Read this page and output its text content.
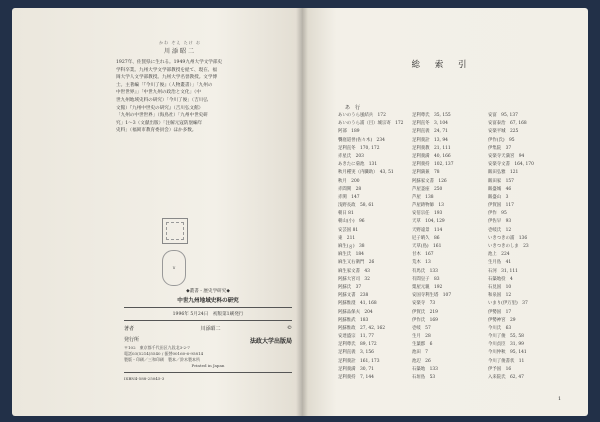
かわ ぞえ たけ お
川添昭二

1927年、佐賀県に生れる。1949九州大学文学部史

学科卒業。九州大学文学部教授を経て、現在、福

岡大学人文学部教授。九州大学名誉教授。文学博

士。主著編「『今川了俊』（人物叢書）」「九州の

中世世界』」「中世九州の政治と文化」（中

世九州地域史料の研究）「今川了俊」（吉川弘

文館）『九州中世史の研究』（吉川弘文館）

「九州の中世世界」（海鳥社）「九州中世史研

究」1〜3（文献出版）「注解元寇防塁編年

史料」（福岡市教育委員会）ほか多数。

¥
◆叢書・歴史学研究◆
中世九州地域史料の研究
1996年 5月24日　初版第1刷発行
著者	川添昭二	©
発行所	法政大学出版局
〒102　東京都千代田区九段北3-2-7
電話03(5214)5540 / 振替00160-6-95814
製版・印刷／三和印刷　製本／鈴木製本所
Printed in Japan
ISBN4-588-25045-3
総 索 引
あ　行
あいのうら風結兵　172
あいのうら浦（目）城宗寄　172
阿部　189
饗庭道誉(佐々木)　234
足利直冬　170, 172
赤星氏　203
あきたに菊池　131
秋月種実（内臓助）　43, 51
秋月　200
赤間関　28
赤関　147
浅野長政　58, 61
朝日 81
朝山(小)　96
安芸国 81
東　211
麻生(ｇ)　38
麻生氏　184
麻生又右衛門　26
麻生家文書　43
阿蘇大宮司　32
阿蘇氏　37
阿蘇文書　238
阿蘇惟澄　41, 168
阿蘇品保夫　204
阿蘇惟武　183
阿蘇惟政　27, 42, 162
安達盛宗　11, 77
足利尊氏　89, 172
足利直義　3, 156
足利義詮　161, 173
足利義満　30, 71
足利義持　7, 144
足利尊氏　35, 155
足利直冬　3, 104
足利直義　24, 71
足利義詮　13, 94
足利義教　21, 111
足利義満　40, 166
足利義持　102, 137
足利満兼　78
阿蘇家文書　126
芦屋釜座　250
芦屋　138
芦屋鋳物師　13
安倍宗任　193
天草　104, 129
天野遠景　114
尼子晴久　86
天草(島)　161
甘木　167
荒木　13
有馬氏　133
有間皇子　83
粟屋元親　192
安国寺利生塔　107
安楽寺　73
伊賀氏　219
伊作氏　169
壱岐　57
生月　28
生葉郡　6
池田　7
池辺　26
石築地　133
石垣島　53
安富　95, 137
安富泰治　67, 168
安楽平城　225
伊作(氏)　95
伊集院　37
安楽寺天満宮　94
安楽寺文書　164, 170
飯田弘雅　121
飯田家　157
飯盛城　46
飯盛山　3
伊賀国　117
伊作　95
伊佐早　93
壱岐氏　12
いきつきの浦　136
いきつきのしま　23
池上　224
生月島　41
石河　31, 111
石築地役　4
石見国　10
和泉国　12
いまり(伊万里)　37
伊勢国　17
伊勢神宮　29
今川氏　63
今川了俊　55, 58
今川貞臣　31, 99
今川仲秋　95, 141
今川了俊書状　11
伊予国　16
入来院氏　62, 47
1
